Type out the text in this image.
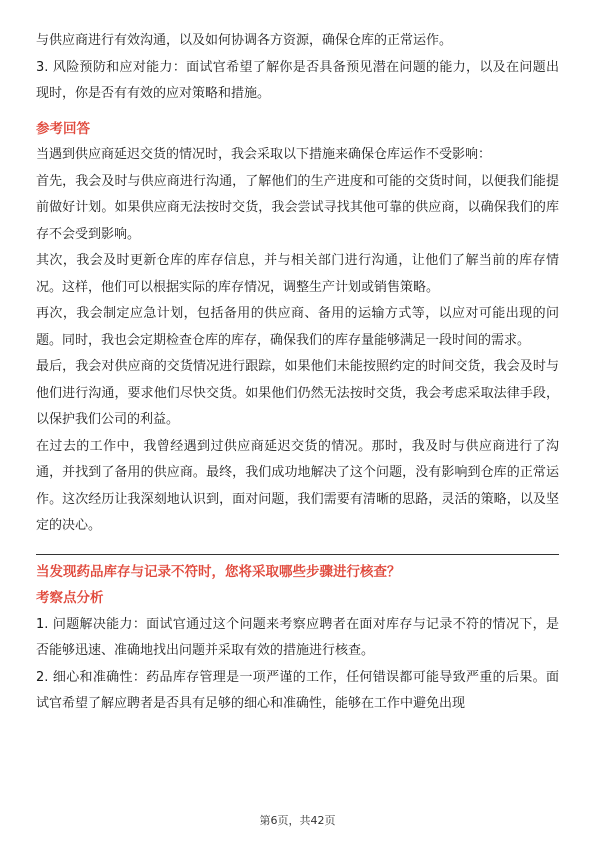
与供应商进行有效沟通，以及如何协调各方资源，确保仓库的正常运作。

3. 风险预防和应对能力：面试官希望了解你是否具备预见潜在问题的能力，以及在问题出现时，你是否有有效的应对策略和措施。

参考回答

当遇到供应商延迟交货的情况时，我会采取以下措施来确保仓库运作不受影响：

首先，我会及时与供应商进行沟通，了解他们的生产进度和可能的交货时间，以便我们能提前做好计划。如果供应商无法按时交货，我会尝试寻找其他可靠的供应商，以确保我们的库存不会受到影响。

其次，我会及时更新仓库的库存信息，并与相关部门进行沟通，让他们了解当前的库存情况。这样，他们可以根据实际的库存情况，调整生产计划或销售策略。

再次，我会制定应急计划，包括备用的供应商、备用的运输方式等，以应对可能出现的问题。同时，我也会定期检查仓库的库存，确保我们的库存量能够满足一段时间的需求。

最后，我会对供应商的交货情况进行跟踪，如果他们未能按照约定的时间交货，我会及时与他们进行沟通，要求他们尽快交货。如果他们仍然无法按时交货，我会考虑采取法律手段，以保护我们公司的利益。

在过去的工作中，我曾经遇到过供应商延迟交货的情况。那时，我及时与供应商进行了沟通，并找到了备用的供应商。最终，我们成功地解决了这个问题，没有影响到仓库的正常运作。这次经历让我深刻地认识到，面对问题，我们需要有清晰的思路，灵活的策略，以及坚定的决心。

当发现药品库存与记录不符时，您将采取哪些步骤进行核查？

考察点分析

1. 问题解决能力：面试官通过这个问题来考察应聘者在面对库存与记录不符的情况下，是否能够迅速、准确地找出问题并采取有效的措施进行核查。

2. 细心和准确性：药品库存管理是一项严谨的工作，任何错误都可能导致严重的后果。面试官希望了解应聘者是否具有足够的细心和准确性，能够在工作中避免出现

第6页，共42页
